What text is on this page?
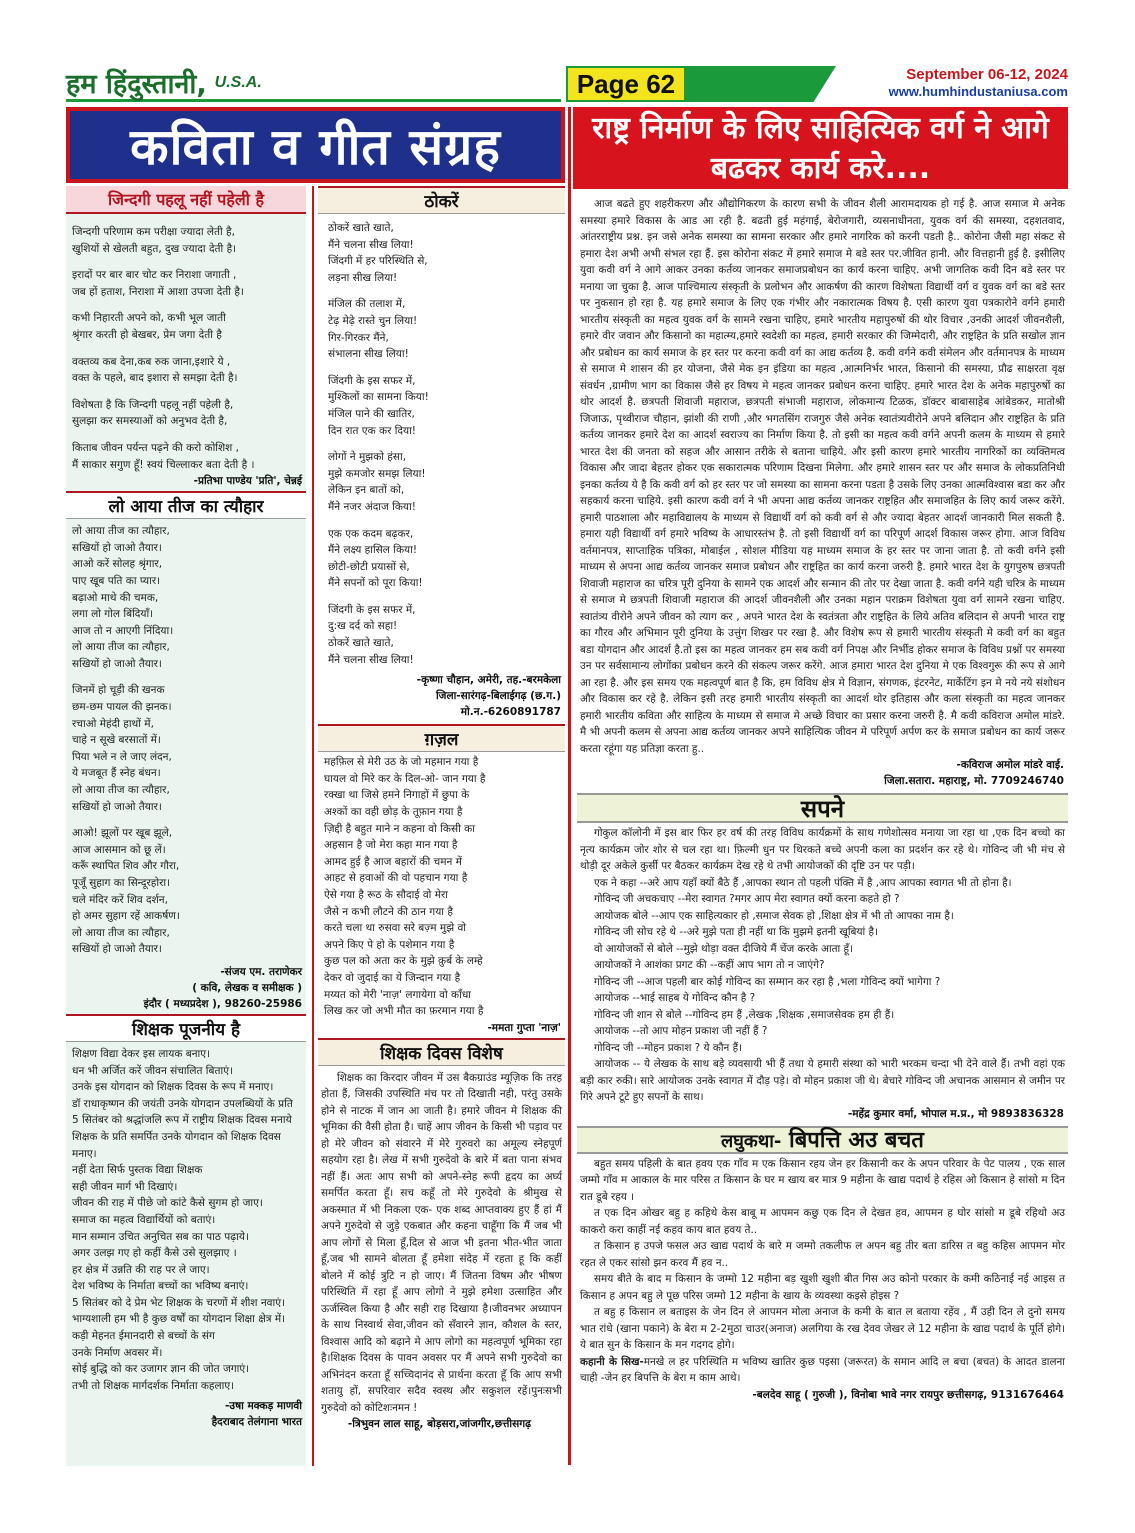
हम हिंदुस्तानी, U.S.A.	Page 62	September 06-12, 2024
www.humhindustaniusa.com
कविता व गीत संग्रह	राष्ट्र निर्माण के लिए साहित्यिक वर्ग ने आगे बढकर कार्य करे....
जिन्दगी पहलू नहीं पहेली है
जिन्दगी परिणाम कम परीक्षा ज्यादा लेती है,
खुशियों से खेलती बहुत, दुख ज्यादा देती है।
इरादों पर बार बार चोट कर निराशा जगाती ,
जब हों हताश, निराशा में आशा उपजा देती है।
कभी निहारती अपने को, कभी भूल जाती
श्रृंगार करती हो बेखबर, प्रेम जगा देती है
वक्तव्य कब देना,कब रुक जाना,इशारे ये ,
वक्त के पहले, बाद इशारा से समझा देती है।
विशेषता है कि जिन्दगी पहलू नहीं पहेली है,
सुलझा कर समस्याओं को अनुभव देती है,
किताब जीवन पर्यन्त पढ़ने की करो कोशिश ,
मैं साकार सगुण हूँ! स्वयं चिल्लाकर बता देती है ।
-प्रतिभा पाण्डेय 'प्रति', चेन्नई
लो आया तीज का त्यौहार
लो आया तीज का त्यौहार,
सखियों हो जाओ तैयार।
आओ करें सोलह श्रृंगार,
पाए खूब पति का प्यार।
बढ़ाओ माथे की चमक,
लगा लो गोल बिंदियाँ।
आज तो न आएगी निंदिया।
लो आया तीज का त्यौहार,
सखियों हो जाओ तैयार।
जिनमें हो चूड़ी की खनक
छम-छम पायल की झनक।
रचाओ मेहंदी हाथों में,
चाहे न सूखे बरसातों में।
पिया भले न ले जाए लंदन,
ये मजबूत हैं स्नेह बंधन।
लो आया तीज का त्यौहार,
सखियों हो जाओ तैयार।
आओ! झूलों पर खूब झूले,
आज आसमान को छू लें।
करूँ स्थापित शिव और गौरा,
पूजूँ सुहाग का सिन्दूरहोरा।
चले मंदिर करें शिव दर्शन,
हो अमर सुहाग रहें आकर्षण।
लो आया तीज का त्यौहार,
सखियों हो जाओ तैयार।
-संजय एम. तराणेकर
( कवि, लेखक व समीक्षक )
इंदौर ( मध्यप्रदेश ), 98260-25986
शिक्षक पूजनीय है
शिक्षण विद्या देकर इस लायक बनाए।
धन भी अर्जित करें जीवन संचालित बिताएं।
उनके इस योगदान को शिक्षक दिवस के रूप में मनाए।
डॉ राधाकृष्णन की जयंती उनके योगदान उपलब्धियों के प्रति
5 सितंबर को श्रद्धांजलि रूप में राष्ट्रीय शिक्षक दिवस मनाये
शिक्षक के प्रति समर्पित उनके योगदान को शिक्षक दिवस मनाए।
नहीं देता सिर्फ पुस्तक विद्या शिक्षक
सही जीवन मार्ग भी दिखाएं।
जीवन की राह में पीछे जो कांटे कैसे सुगम हो जाए।
समाज का महत्व विद्यार्थियों को बताएं।
मान सम्मान उचित अनुचित सब का पाठ पढ़ाये।
अगर उलझ गए हो कहीं कैसे उसे सुलझाए ।
हर क्षेत्र में उन्नति की राह पर ले जाए।
देश भविष्य के निर्माता बच्चों का भविष्य बनाएं।
5 सितंबर को दे प्रेम भेट शिक्षक के चरणों में शीश नवाएं।
भाग्यशाली हम भी है कुछ वर्षों का योगदान शिक्षा क्षेत्र में।
कड़ी मेहनत ईमानदारी से बच्चों के संग
उनके निर्माण अवसर में।
सोई बुद्धि को कर उजागर ज्ञान की जोत जगाएं।
तभी तो शिक्षक मार्गदर्शक निर्माता कहलाए।
-उषा मक्कड़ माणवी
हैदराबाद तेलंगाना भारत
ठोकरें
ठोकरें खाते खाते,
मैंने चलना सीख लिया!
जिंदगी में हर परिस्थिति से,
लड़ना सीख लिया!
मंजिल की तलाश में,
टेढ़ मेढ़े रास्ते चुन लिया!
गिर-गिरकर मैंने,
संभालना सीख लिया!
जिंदगी के इस सफर में,
मुश्किलों का सामना किया!
मंजिल पाने की खातिर,
दिन रात एक कर दिया!
लोगों ने मुझको हंसा,
मुझे कमजोर समझ लिया!
लेकिन इन बातों को,
मैंने नजर अंदाज किया!
एक एक कदम बढ़कर,
मैंने लक्ष्य हासिल किया!
छोटी-छोटी प्रयासों से,
मैंने सपनों को पूरा किया!
जिंदगी के इस सफर में,
दु:ख दर्द को सहा!
ठोकरें खाते खाते,
मैंने चलना सीख लिया!
-कृष्णा चौहान, अमेरी, तह.-बरमकेला
जिला-सारंगढ़-बिलाईगढ़ (छ.ग.)
मो.न.-6260891787
ग़ज़ल
महफ़िल से मेरी उठ के जो महमान गया है
घायल वो मिरे कर के दिल-ओ- जान गया है
रक्खा था जिसे हमने निगाहों में छुपा के
अश्कों का वही छोड़ के तूफ़ान गया है
ज़िद्दी है बहुत माने न कहना वो किसी का
अहसान है जो मेरा कहा मान गया है
आमद हुई है आज बहारों की चमन में
आहट से हवाओं की वो पहचान गया है
ऐसे गया है रूठ के सौदाई वो मेरा
जैसे न कभी लौटने की ठान गया है
करते चला था रुसवा सरे बज़्म मुझे वो
अपने किए पे हो के पशेमान गया है
कुछ पल को अता कर के मुझे क़ुर्ब के लम्हे
देकर वो जुदाई का ये जिन्दान गया है
मय्यत को मेरी 'नाज़' लगायेगा वो काँधा
लिख कर जो अभी मौत का फ़रमान गया है
-ममता गुप्ता 'नाज़'
शिक्षक दिवस विशेष
शिक्षक का किरदार जीवन में उस बैकग्राउंड म्यूज़िक कि तरह होता हैं, जिसकी उपस्थिति मंच पर तो दिखाती नही, परंतु उसके होने से नाटक में जान आ जाती है। हमारे जीवन मे शिक्षक की भूमिका की वैसी होता है। चाहें आप जीवन के किसी भी पड़ाव पर हो मेरे जीवन को संवारने में मेरे गुरुवरो का अमूल्य स्नेहपूर्ण सहयोग रहा है। लेख में सभी गुरुदेवो के बारे में बता पाना संभव नहीं हैं। अतः आप सभी को अपने-स्नेह रूपी हृदय का अर्घ्य समर्पित करता हूँ। सच कहूँ तो मेरे गुरुदेवो के श्रीमुख से अकस्मात में भी निकला एक- एक शब्द आप्तवाक्य हुए हैं हां मैं अपने गुरुदेवो से जुड़े एकबात और कहना चाहूँगा कि मैं जब भी आप लोगों से मिला हूँ,दिल से आज भी इतना भीत-भीत जाता हूँ,जब भी सामने बोलता हूँ हमेशा संदेह में रहता हू कि कहीं बोलने में कोई त्रुटि न हो जाए। मैं जितना विषम और भीषण परिस्थिति में रहा हूँ आप लोगो ने मुझे हमेशा उत्साहित और ऊर्जस्विल किया है और सही राह दिखाया है।जीवनभर अध्यापन के साथ निस्वार्थ सेवा,जीवन को सँवारने ज्ञान, कौशल के स्तर, विश्वास आदि को बढ़ाने मे आप लोगो का महत्वपूर्ण भूमिका रहा है।शिक्षक दिवस के पावन अवसर पर मैं अपने सभी गुरुदेवो का अभिनंदन करता हूँ सच्चिदानंद से प्रार्थना करता हूँ कि आप सभी शतायु हों, सपरिवार सदैव स्वस्थ और सकुशल रहें।पुनःसभी गुरुदेवो को कोटिशःनमन !
-त्रिभुवन लाल साहू, बोड़सरा,जांजगीर,छत्तीसगढ़
आज बढते हुए शहरीकरण और औद्योगिकरण के कारण सभी के जीवन शैली आरामदायक हो गई है. आज समाज मे अनेक समस्या हमारे विकास के आड आ रही है. बढती हुई महंगाई, बेरोजगारी, व्यसनाधीनता, युवक वर्ग की समस्या, दहशतवाद, आंतरराष्ट्रीय प्रश्न. इन जसे अनेक समस्या का सामना सरकार और हमारे नागरिक को करनी पडती है.. कोरोना जैसी महा संकट से हमारा देश अभी अभी संभल रहा हैं. इस कोरोना संकट में हमारे समाज मे बडे स्तर पर.जीवित हानी. और वित्तहानी हुई है. इसीलिए युवा कवी वर्ग ने आगे आकर उनका कर्तव्य जानकर समाजप्रबोधन का कार्य करना चाहिए. अभी जागतिक कवी दिन बडे स्तर पर मनाया जा चुका है. आज पाश्चिमात्य संस्कृती के प्रलोभन और आकर्षण की कारण विशेषता विद्यार्थी वर्ग व युवक वर्ग का बडे स्तर पर नुकसान हो रहा है. यह हमारे समाज के लिए एक गंभीर और नकारात्मक विषय है. एसी कारण युवा पत्रकारोने वर्गने हमारी भारतीय संस्कृती का महत्व युवक वर्ग के सामने रखना चाहिए, हमारे भारतीय महापुरुषों की थोर विचार ,उनकी आदर्श जीवनशैली, हमारे वीर जवान और किसानो का महात्म्य,हमारे स्वदेशी का महत्व, हमारी सरकार की जिम्मेदारी, और राष्ट्रहित के प्रति सखोल ज्ञान और प्रबोधन का कार्य समाज के हर स्तर पर करना कवी वर्ग का आद्य कर्तव्य है. कवी वर्गने कवी संमेलन और वर्तमानपत्र के माध्यम से समाज मे शासन की हर योजना, जैसे मेक इन इंडिया का महत्व ,आत्मनिर्भर भारत, किसानो की समस्या, प्रौढ साक्षरता वृक्ष संवर्धन ,ग्रामीण भाग का विकास जैसे हर विषय मे महत्व जानकर प्रबोधन करना चाहिए. हमारे भारत देश के अनेक महापुरुषों का थोर आदर्श है. छत्रपती शिवाजी महाराज, छत्रपती संभाजी महाराज, लोकमान्य टिळक, डॉक्टर बाबासाहेब आंबेडकर, मातोश्री जिजाऊ, पृथ्वीराज चौहान, झांशी की राणी ,और भगतसिंग राजगुरु जैसे अनेक स्वातंत्र्यवीरोने अपने बलिदान और राष्ट्रहित के प्रति कर्तव्य जानकर हमारे देश का आदर्श स्वराज्य का निर्माण किया है. तो इसी का महत्व कवी वर्गने अपनी कलम के माध्यम से हमारे भारत देश की जनता को सहज और आसान तरीके से बताना चाहिये. और इसी कारण हमारे भारतीय नागरिकों का व्यक्तिमत्व विकास और जादा बेहतर होकर एक सकारात्मक परिणाम दिखना मिलेगा. और हमारे शासन स्तर पर और समाज के लोकप्रतिनिधी इनका कर्तव्य ये है कि कवी वर्ग को हर स्तर पर जो समस्या का सामना करना पडता है उसके लिए उनका आत्मविश्वास बडा कर और सहकार्य करना चाहिये. इसी कारण कवी वर्ग ने भी अपना आद्य कर्तव्य जानकर राष्ट्रहित और समाजहित के लिए कार्य जरूर करेंगे. हमारी पाठशाला और महाविद्यालय के माध्यम से विद्यार्थी वर्ग को कवी वर्ग से और ज्यादा बेहतर आदर्श जानकारी मिल सकती है. हमारा यही विद्यार्थी वर्ग हमारे भविष्य के आधारस्तंभ है. तो इसी विद्यार्थी वर्ग का परिपूर्ण आदर्श विकास जरूर होगा. आज विविध वर्तमानपत्र, साप्ताहिक पत्रिका, मोबाईल , सोशल मीडिया यह माध्यम समाज के हर स्तर पर जाना जाता है. तो कवी वर्गने इसी माध्यम से अपना आद्य कर्तव्य जानकर समाज प्रबोधन और राष्ट्रहित का कार्य करना जरुरी है. हमारे भारत देश के युगपुरुष छत्रपती शिवाजी महाराज का चरित्र पूरी दुनिया के सामने एक आदर्श और सन्मान की तोर पर देखा जाता है. कवी वर्गने यही चरित्र के माध्यम से समाज मे छत्रपती शिवाजी महाराज की आदर्श जीवनशैली और उनका महान पराक्रम विशेषता युवा वर्ग सामने रखना चाहिए. स्वातंत्र्य वीरोने अपने जीवन को त्याग कर , अपने भारत देश के स्वतंत्रता और राष्ट्रहित के लिये अतिव बलिदान से अपनी भारत राष्ट्र का गौरव और अभिमान पूरी दुनिया के उत्तुंग शिखर पर रखा है. और विशेष रूप से हमारी भारतीय संस्कृती मे कवी वर्ग का बहुत बडा योगदान और आदर्श है.तो इस का महत्व जानकर हम सब कवी वर्ग निपक्ष और निर्भीड होकर समाज के विविध प्रश्नों पर समस्या उन पर सर्वसामान्य लोगोंका प्रबोधन करने की संकल्प जरूर करेंगे. आज हमारा भारत देश दुनिया मे एक विश्वगुरू की रूप से आगे आ रहा है. और इस समय एक महत्वपूर्ण बात है कि, हम विविध क्षेत्र मे विज्ञान, संगणक, इंटरनेट, मार्केटिंग इन मे नये नये संशोधन और विकास कर रहे है. लेकिन इसी तरह हमारी भारतीय संस्कृती का आदर्श थोर इतिहास और कला संस्कृती का महत्व जानकर हमारी भारतीय कविता और साहित्य के माध्यम से समाज मे अच्छे विचार का प्रसार करना जरुरी है. मै कवी कविराज अमोल मांडरे. मै भी अपनी कलम से अपना आद्य कर्तव्य जानकर अपने साहित्यिक जीवन मे परिपूर्ण अर्पण कर के समाज प्रबोधन का कार्य जरूर करता रहूंगा यह प्रतिज्ञा करता हु..
-कविराज अमोल मांडरे वाई.
जिला.सतारा. महाराष्ट्र, मो. 7709246740
सपने
गोकुल कॉलोनी में इस बार फिर हर वर्ष की तरह विविध कार्यक्रमों के साथ गणेशोत्सव मनाया जा रहा था ,एक दिन बच्चो का नृत्य कार्यक्रम जोर शोर से चल रहा था। फ़िल्मी धुन पर थिरकते बच्चे अपनी कला का प्रदर्शन कर रहे थे। गोविन्द जी भी मंच से थोड़ी दूर अकेले कुर्सी पर बैठकर कार्यक्रम देख रहे थे तभी आयोजकों की दृष्टि उन पर पड़ी।
एक ने कहा --अरे आप यहाँ क्यों बैठे हैं ,आपका स्थान तो पहली पंक्ति में है ,आप आपका स्वागत भी तो होना है।
गोविन्द जी अचकचाए --मेरा स्वागत ?मगर आप मेरा स्वागत क्यों करना कहते हो ?
आयोजक बोले --आप एक साहित्यकार हो ,समाज सेवक हो ,शिक्षा क्षेत्र में भी तो आपका नाम है।
गोविन्द जी सोच रहे थे --अरे मुझे पता ही नहीं था कि मुझमे इतनी खूबियां है।
वो आयोजकों से बोले --मुझे थोड़ा वक्त दीजिये मैं चेंज करके आता हूँ।
आयोजकों ने आशंका प्रगट की --कहीं आप भाग तो न जाएंगे?
गोविन्द जी --आज पहली बार कोई गोविन्द का सम्मान कर रहा है ,भला गोविन्द क्यों भागेगा ?
आयोजक --भाई साहब ये गोविन्द कौन है ?
गोविन्द जी शान से बोले --गोविन्द हम हैं ,लेखक ,शिक्षक ,समाजसेवक हम ही हैं।
आयोजक --तो आप मोहन प्रकाश जी नहीं हैं ?
गोविन्द जी --मोहन प्रकाश ? ये कौन हैं।
आयोजक -- ये लेखक के साथ बड़े व्यवसायी भी हैं तथा ये हमारी संस्था को भारी भरकम चन्दा भी देने वाले हैं। तभी वहां एक बड़ी कार रुकी। सारे आयोजक उनके स्वागत में दौड़ पड़े। वो मोहन प्रकाश जी थे। बेचारे गोविन्द जी अचानक आसमान से जमीन पर गिरे अपने टूटे हुए सपनों के साथ।
-महेंद्र कुमार वर्मा, भोपाल म.प्र., मो 9893836328
लघुकथा- बिपत्ति अउ बचत
बहुत समय पहिली के बात हवय एक गाँव म एक किसान रहय जेन हर किसानी कर के अपन परिवार के पेट पालय , एक साल जम्मो गाँव म आकाल के मार परिस त किसान के घर म खाय बर मात्र 9 महीना के खाद्य पदार्थ हे रहिस ओ किसान हे सांसो म दिन रात डूबे रहय ।
त एक दिन ओखर बहु ह कहिथे केस बाबू म आपमन कछु एक दिन ले देखत हव, आपमन ह घोर सांसो म डूबे रहिथो अउ काकरो करा काहीं नई कहव काय बात हवय ते..
त किसान ह उपजे फसल अउ खाद्य पदार्थ के बारे म जम्मो तकलीफ ल अपन बहु तीर बता डारिस त बहु कहिस आपमन मोर रहत ले एकर सांसो झन करव मैं हव न..
समय बीते के बाद म किसान के जम्मो 12 महीना बड़ खुशी खुशी बीत गिस अउ कोनो परकार के कमी कठिनाई नई आइस त किसान ह अपन बहु ले पूछ परिस जम्मो 12 महीना के खाय के व्यवस्था कइसे होइस ?
त बहु ह किसान ल बताइस के जेन दिन ले आपमन मोला अनाज के कमी के बात ल बताया रहेंव , मैं उही दिन ले दुनो समय भात रांधे (खाना पकाने) के बेरा म 2-2मुठा चाउर(अनाज) अलगिया के रख देवव जेखर ले 12 महीना के खाद्य पदार्थ के पूर्ति होगे। ये बात सुन के किसान के मन गदगद होगे।
कहानी के सिख-मनखे ल हर परिस्थिति म भविष्य खातिर कुछ पइसा (जरूरत) के समान आदि ल बचा (बचत) के आदत डालना चाही -जेन हर बिपत्ति के बेरा म काम आथे।
-बलदेव साहू ( गुरुजी ), विनोबा भावे नगर रायपुर छत्तीसगढ़, 9131676464
